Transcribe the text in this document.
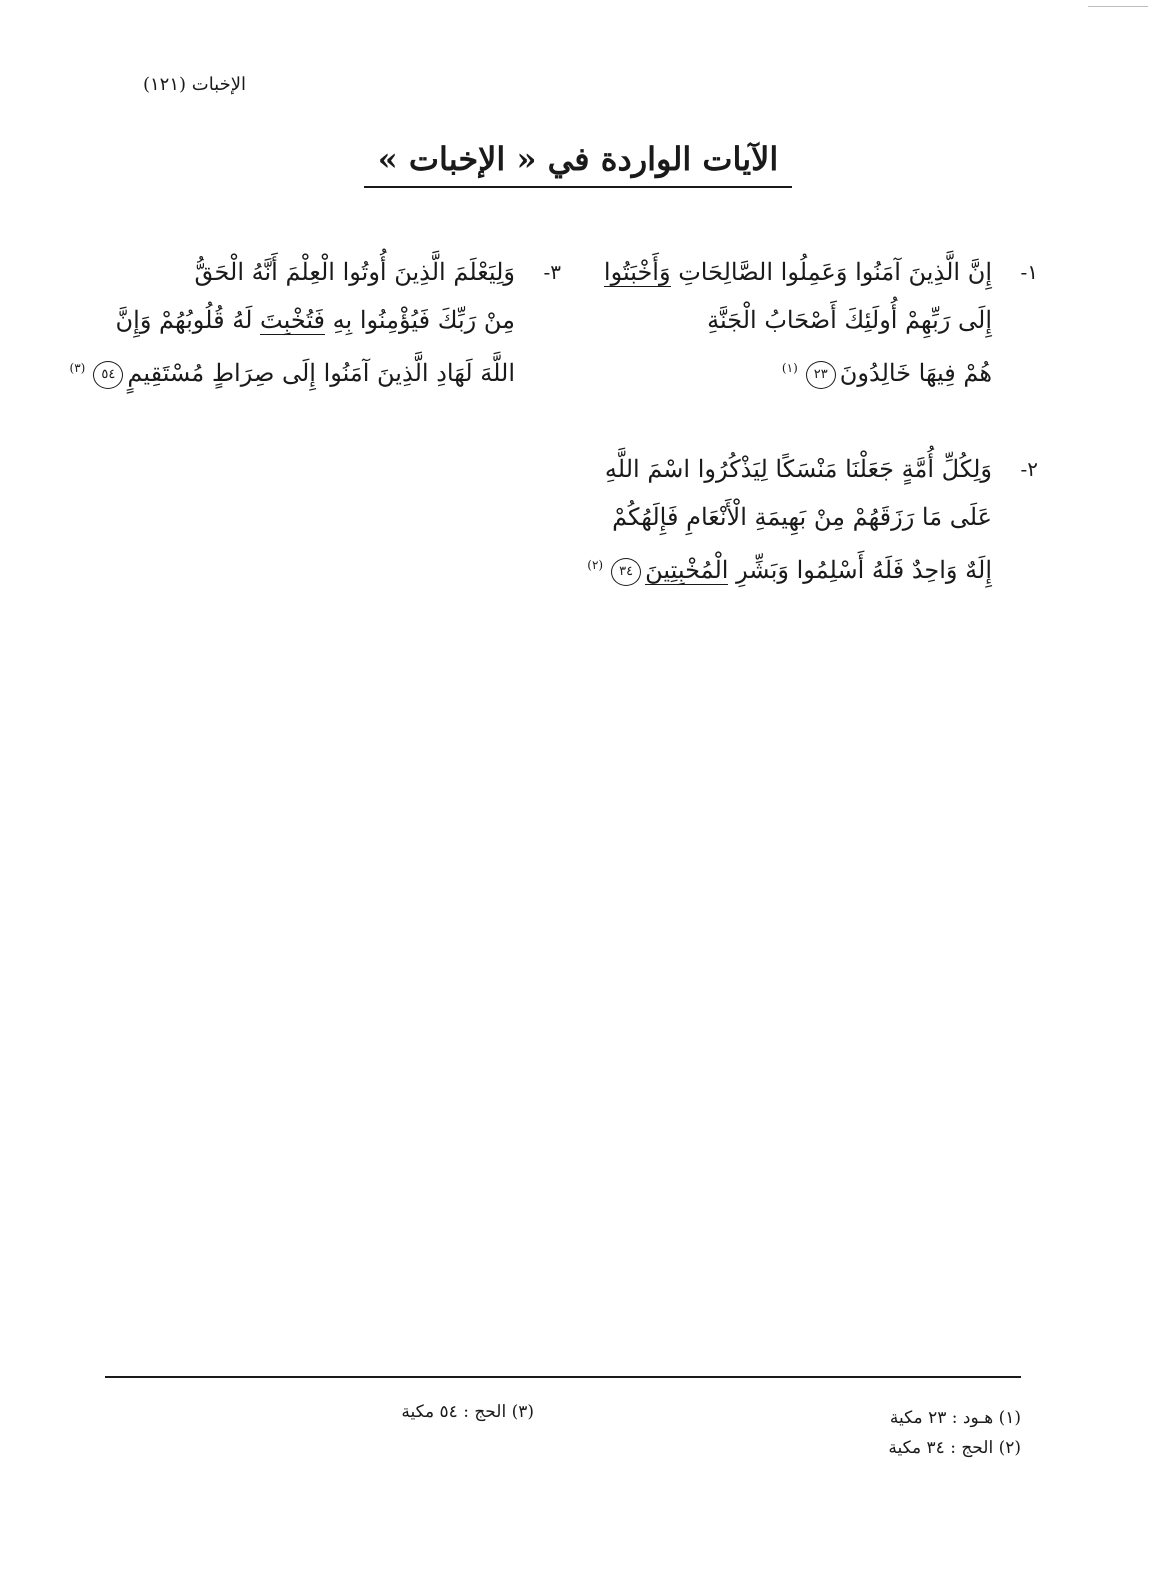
الإخبات (١٢١)
الآيات الواردة في « الإخبات »
١-
إِنَّ الَّذِينَ آمَنُوا وَعَمِلُوا الصَّالِحَاتِ وَأَخْبَتُوا
إِلَى رَبِّهِمْ أُولَئِكَ أَصْحَابُ الْجَنَّةِ
هُمْ فِيهَا خَالِدُونَ٢٣$^{(١)}$
٢-
وَلِكُلِّ أُمَّةٍ جَعَلْنَا مَنْسَكًا لِيَذْكُرُوا اسْمَ اللَّهِ
عَلَى مَا رَزَقَهُمْ مِنْ بَهِيمَةِ الْأَنْعَامِ فَإِلَهُكُمْ
إِلَهٌ وَاحِدٌ فَلَهُ أَسْلِمُوا وَبَشِّرِ الْمُخْبِتِينَ٣٤$^{(٢)}$
٣-
وَلِيَعْلَمَ الَّذِينَ أُوتُوا الْعِلْمَ أَنَّهُ الْحَقُّ
مِنْ رَبِّكَ فَيُؤْمِنُوا بِهِ فَتُخْبِتَ لَهُ قُلُوبُهُمْ وَإِنَّ
اللَّهَ لَهَادِ الَّذِينَ آمَنُوا إِلَى صِرَاطٍ مُسْتَقِيمٍ٥٤$^{(٣)}$
(١) هـود : ٢٣ مكية
(٢) الحج : ٣٤ مكية
(٣) الحج : ٥٤ مكية
